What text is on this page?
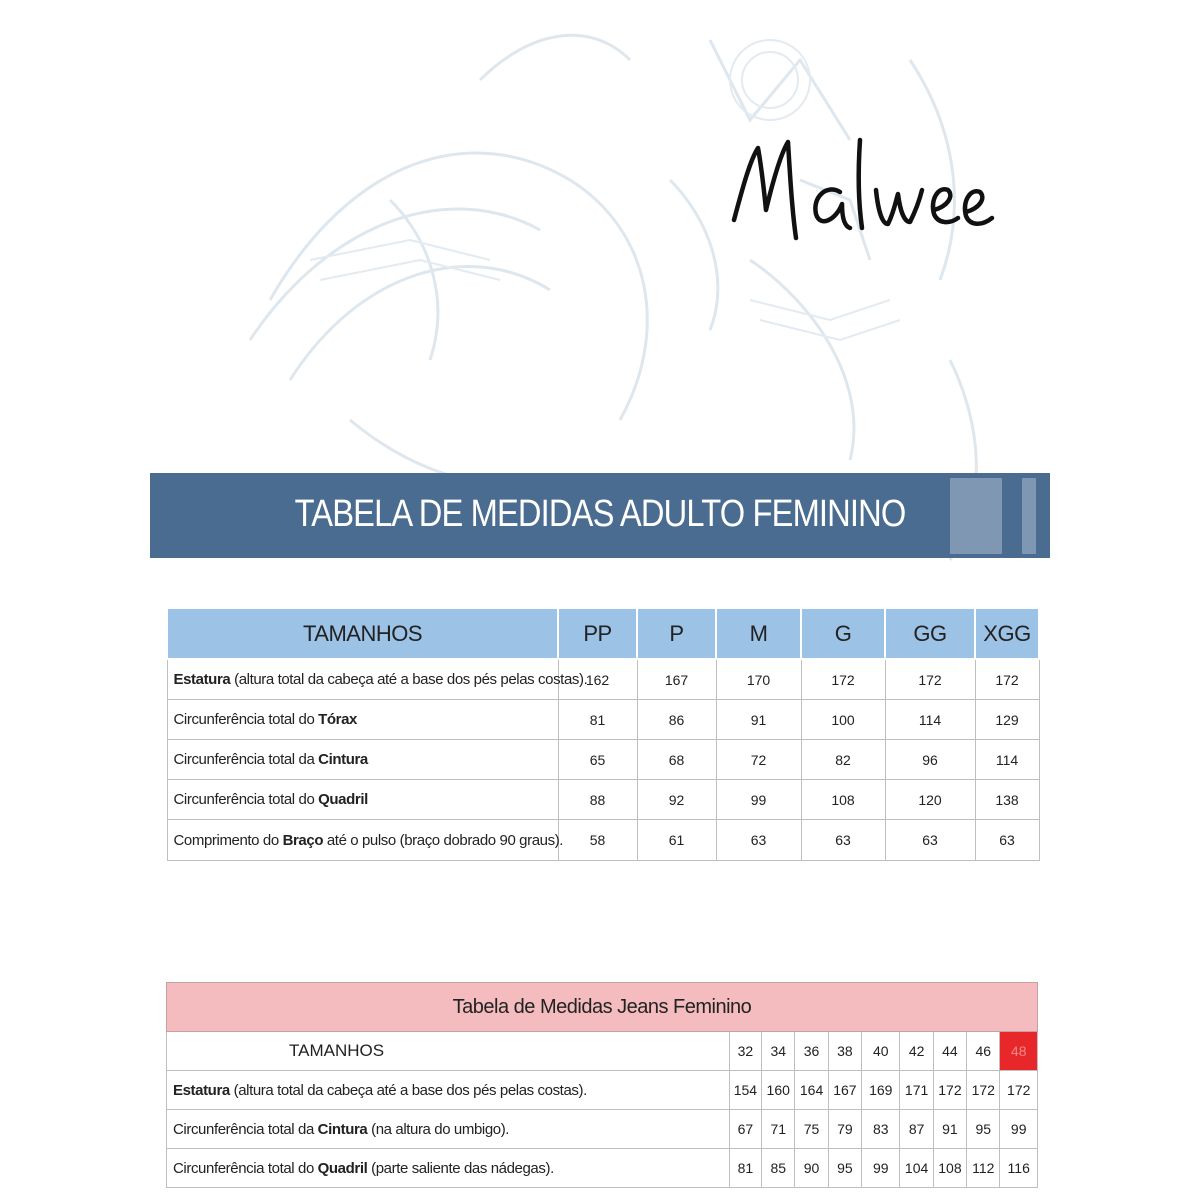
TABELA DE MEDIDAS ADULTO FEMININO
TAMANHOS	PP	P	M	G	GG	XGG
Estatura (altura total da cabeça até a base dos pés pelas costas).	162	167	170	172	172	172
Circunferência total do Tórax	81	86	91	100	114	129
Circunferência total da Cintura	65	68	72	82	96	114
Circunferência total do Quadril	88	92	99	108	120	138
Comprimento do Braço até o pulso (braço dobrado 90 graus).	58	61	63	63	63	63
Tabela de Medidas Jeans Feminino									
TAMANHOS	32	34	36	38	40	42	44	46	48
Estatura (altura total da cabeça até a base dos pés pelas costas).	154	160	164	167	169	171	172	172	172
Circunferência total da Cintura (na altura do umbigo).	67	71	75	79	83	87	91	95	99
Circunferência total do Quadril (parte saliente das nádegas).	81	85	90	95	99	104	108	112	116
